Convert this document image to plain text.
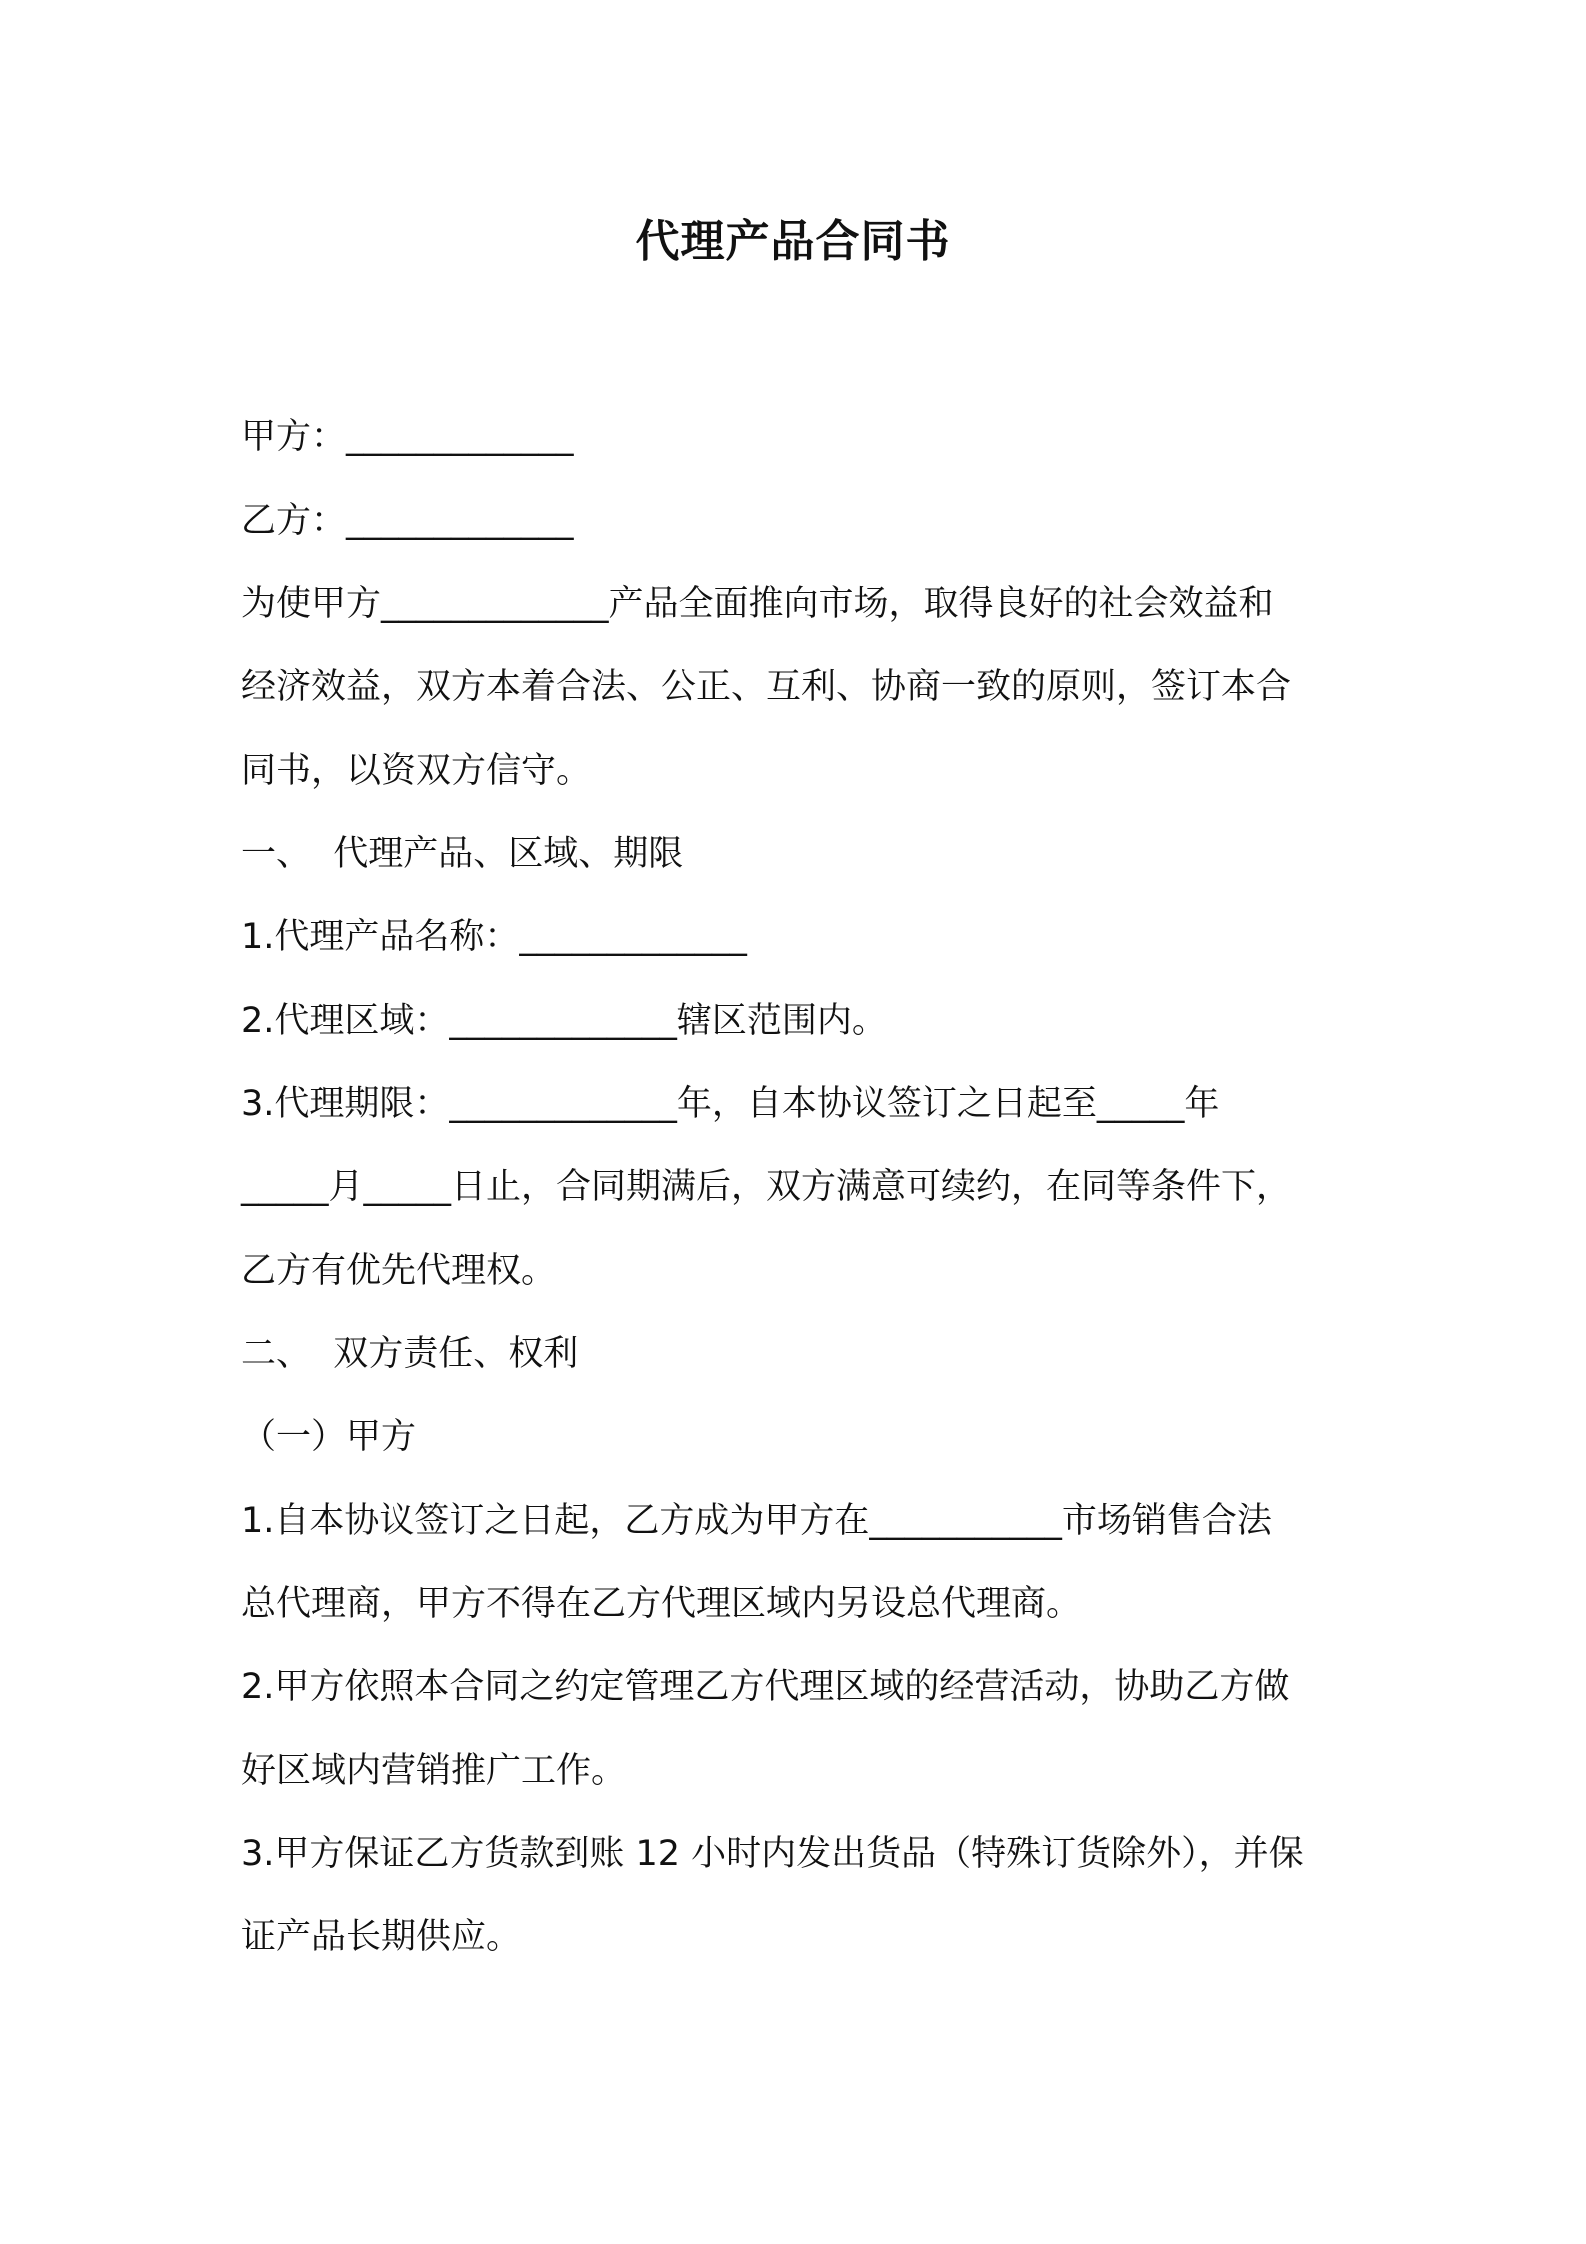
代理产品合同书
甲方：_____________
乙方：_____________
为使甲方_____________产品全面推向市场，取得良好的社会效益和
经济效益，双方本着合法、公正、互利、协商一致的原则，签订本合
同书，以资双方信守。
一、  代理产品、区域、期限
1.代理产品名称：_____________
2.代理区域：_____________辖区范围内。
3.代理期限：_____________年，自本协议签订之日起至_____年
_____月_____日止，合同期满后，双方满意可续约，在同等条件下，
乙方有优先代理权。
二、  双方责任、权利
（一）甲方
1.自本协议签订之日起，乙方成为甲方在___________市场销售合法
总代理商，甲方不得在乙方代理区域内另设总代理商。
2.甲方依照本合同之约定管理乙方代理区域的经营活动，协助乙方做
好区域内营销推广工作。
3.甲方保证乙方货款到账 12 小时内发出货品（特殊订货除外），并保
证产品长期供应。
